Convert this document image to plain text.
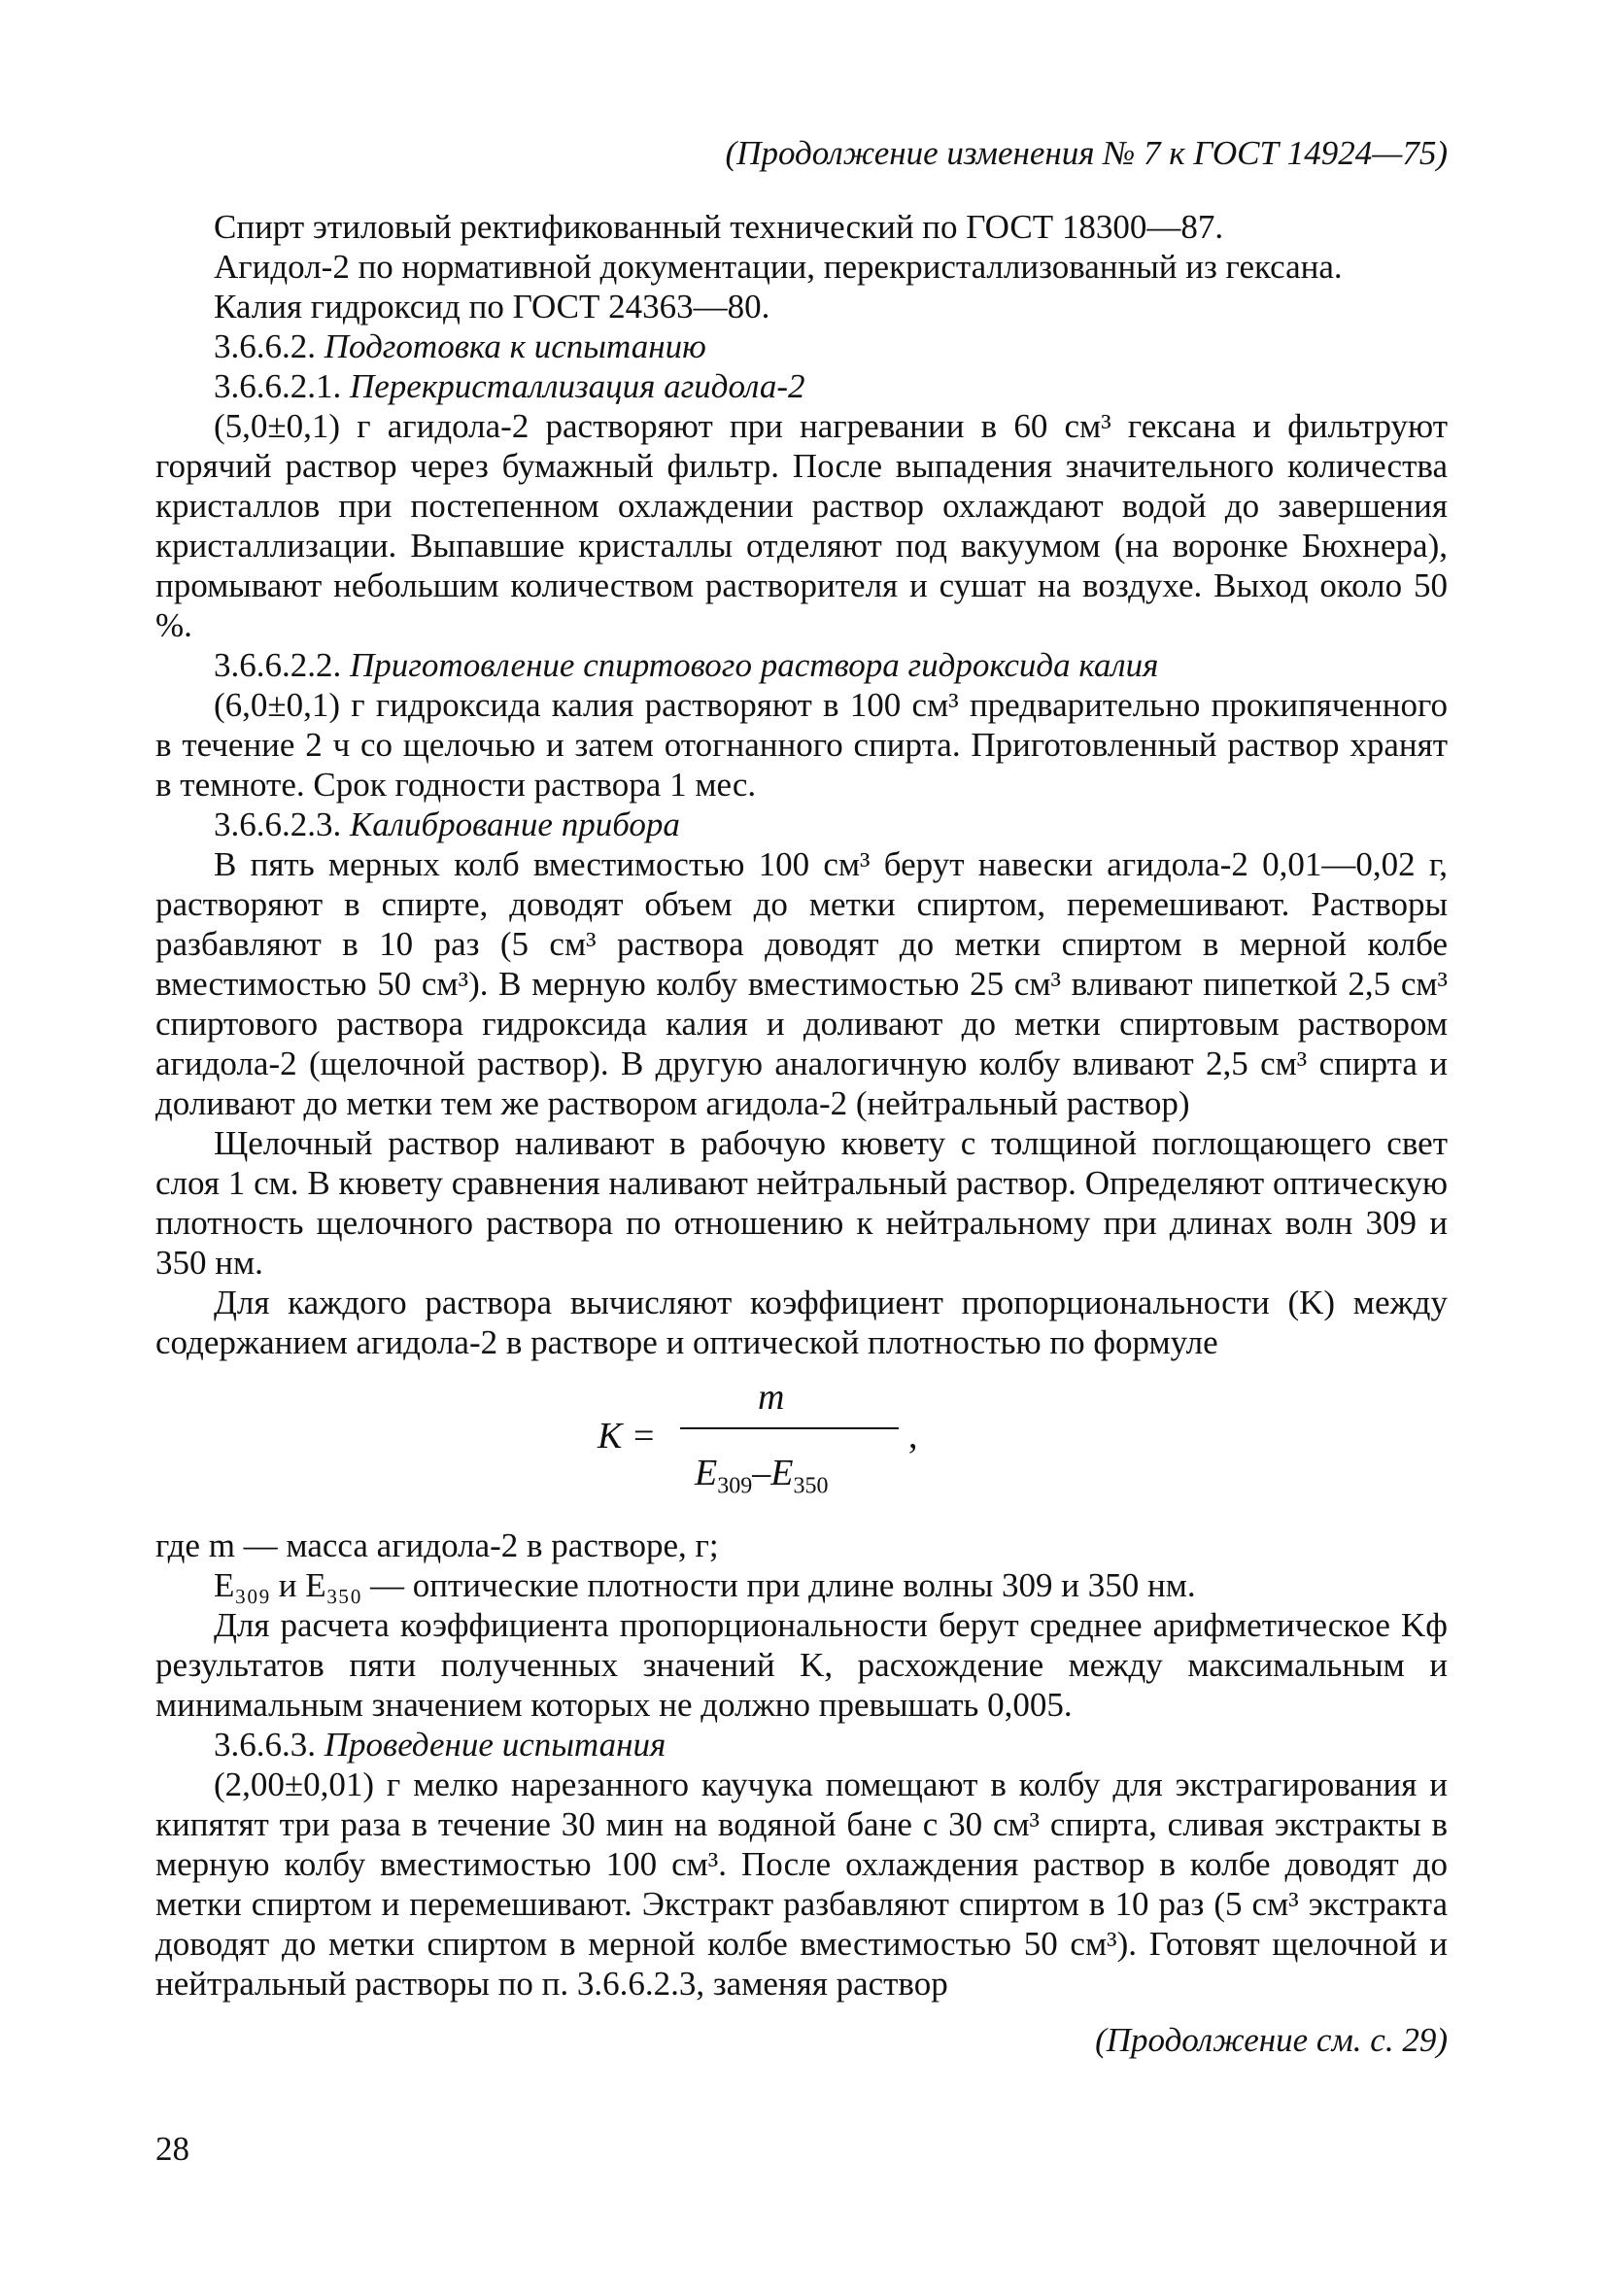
(Продолжение изменения № 7 к ГОСТ 14924—75)

Спирт этиловый ректификованный технический по ГОСТ 18300—87.

Агидол-2 по нормативной документации, перекристаллизованный из гексана.

Калия гидроксид по ГОСТ 24363—80.

3.6.6.2. Подготовка к испытанию

3.6.6.2.1. Перекристаллизация агидола-2

(5,0±0,1) г агидола-2 растворяют при нагревании в 60 см³ гексана и фильтруют горячий раствор через бумажный фильтр. После выпадения значительного количества кристаллов при постепенном охлаждении раствор охлаждают водой до завершения кристаллизации. Выпавшие кристаллы отделяют под вакуумом (на воронке Бюхнера), промывают небольшим количеством растворителя и сушат на воздухе. Выход около 50 %.

3.6.6.2.2. Приготовление спиртового раствора гидроксида калия

(6,0±0,1) г гидроксида калия растворяют в 100 см³ предварительно прокипяченного в течение 2 ч со щелочью и затем отогнанного спирта. Приготовленный раствор хранят в темноте. Срок годности раствора 1 мес.

3.6.6.2.3. Калибрование прибора

В пять мерных колб вместимостью 100 см³ берут навески агидола-2 0,01—0,02 г, растворяют в спирте, доводят объем до метки спиртом, перемешивают. Растворы разбавляют в 10 раз (5 см³ раствора доводят до метки спиртом в мерной колбе вместимостью 50 см³). В мерную колбу вместимостью 25 см³ вливают пипеткой 2,5 см³ спиртового раствора гидроксида калия и доливают до метки спиртовым раствором агидола-2 (щелочной раствор). В другую аналогичную колбу вливают 2,5 см³ спирта и доливают до метки тем же раствором агидола-2 (нейтральный раствор)

Щелочный раствор наливают в рабочую кювету с толщиной поглощающего свет слоя 1 см. В кювету сравнения наливают нейтральный раствор. Определяют оптическую плотность щелочного раствора по отношению к нейтральному при длинах волн 309 и 350 нм.

Для каждого раствора вычисляют коэффициент пропорциональности (K) между содержанием агидола-2 в растворе и оптической плотностью по формуле

K =
m
,
$E_{309}-E_{350}$

где m — масса агидола-2 в растворе, г;

E₃₀₉ и E₃₅₀ — оптические плотности при длине волны 309 и 350 нм.

Для расчета коэффициента пропорциональности берут среднее арифметическое Kф результатов пяти полученных значений K, расхождение между максимальным и минимальным значением которых не должно превышать 0,005.

3.6.6.3. Проведение испытания

(2,00±0,01) г мелко нарезанного каучука помещают в колбу для экстрагирования и кипятят три раза в течение 30 мин на водяной бане с 30 см³ спирта, сливая экстракты в мерную колбу вместимостью 100 см³. После охлаждения раствор в колбе доводят до метки спиртом и перемешивают. Экстракт разбавляют спиртом в 10 раз (5 см³ экстракта доводят до метки спиртом в мерной колбе вместимостью 50 см³). Готовят щелочной и нейтральный растворы по п. 3.6.6.2.3, заменяя раствор

(Продолжение см. с. 29)
28
